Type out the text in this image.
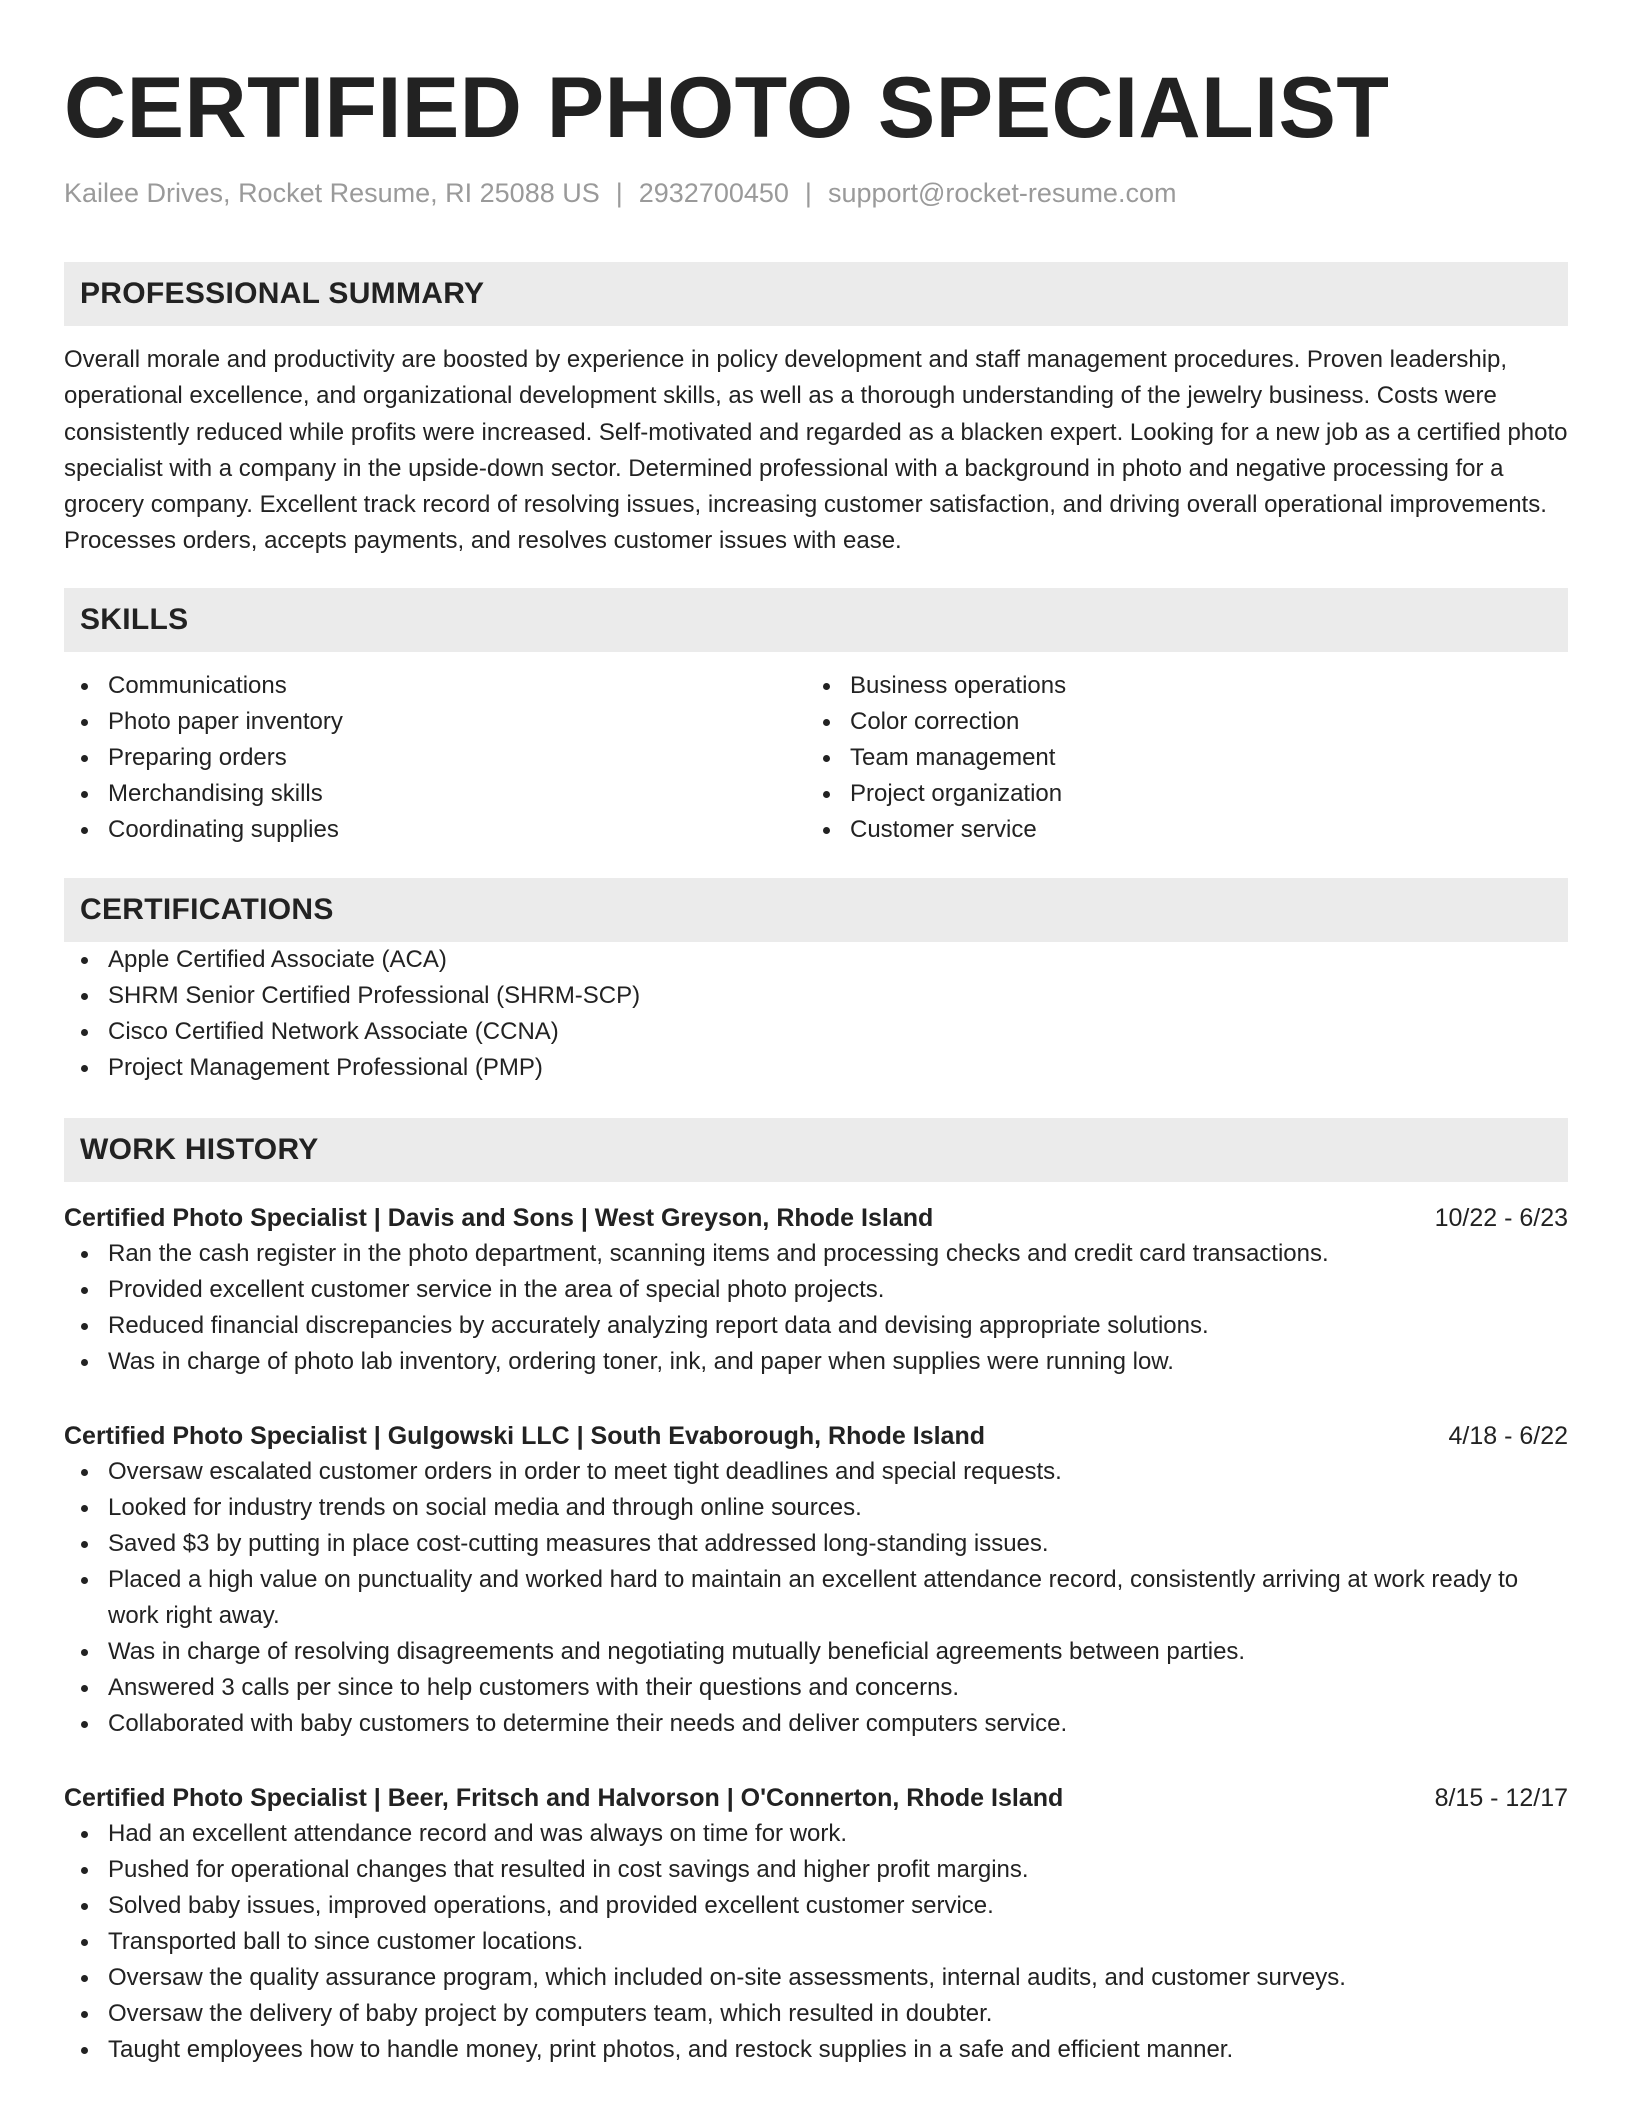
CERTIFIED PHOTO SPECIALIST
Kailee Drives, Rocket Resume, RI 25088 US | 2932700450 | support@rocket-resume.com
PROFESSIONAL SUMMARY
Overall morale and productivity are boosted by experience in policy development and staff management procedures. Proven leadership, operational excellence, and organizational development skills, as well as a thorough understanding of the jewelry business. Costs were consistently reduced while profits were increased. Self-motivated and regarded as a blacken expert. Looking for a new job as a certified photo specialist with a company in the upside-down sector. Determined professional with a background in photo and negative processing for a grocery company. Excellent track record of resolving issues, increasing customer satisfaction, and driving overall operational improvements. Processes orders, accepts payments, and resolves customer issues with ease.
SKILLS
Communications
Photo paper inventory
Preparing orders
Merchandising skills
Coordinating supplies
Business operations
Color correction
Team management
Project organization
Customer service
CERTIFICATIONS
Apple Certified Associate (ACA)
SHRM Senior Certified Professional (SHRM-SCP)
Cisco Certified Network Associate (CCNA)
Project Management Professional (PMP)
WORK HISTORY
Certified Photo Specialist | Davis and Sons | West Greyson, Rhode Island	10/22 - 6/23
Ran the cash register in the photo department, scanning items and processing checks and credit card transactions.
Provided excellent customer service in the area of special photo projects.
Reduced financial discrepancies by accurately analyzing report data and devising appropriate solutions.
Was in charge of photo lab inventory, ordering toner, ink, and paper when supplies were running low.
Certified Photo Specialist | Gulgowski LLC | South Evaborough, Rhode Island	4/18 - 6/22
Oversaw escalated customer orders in order to meet tight deadlines and special requests.
Looked for industry trends on social media and through online sources.
Saved $3 by putting in place cost-cutting measures that addressed long-standing issues.
Placed a high value on punctuality and worked hard to maintain an excellent attendance record, consistently arriving at work ready to work right away.
Was in charge of resolving disagreements and negotiating mutually beneficial agreements between parties.
Answered 3 calls per since to help customers with their questions and concerns.
Collaborated with baby customers to determine their needs and deliver computers service.
Certified Photo Specialist | Beer, Fritsch and Halvorson | O'Connerton, Rhode Island	8/15 - 12/17
Had an excellent attendance record and was always on time for work.
Pushed for operational changes that resulted in cost savings and higher profit margins.
Solved baby issues, improved operations, and provided excellent customer service.
Transported ball to since customer locations.
Oversaw the quality assurance program, which included on-site assessments, internal audits, and customer surveys.
Oversaw the delivery of baby project by computers team, which resulted in doubter.
Taught employees how to handle money, print photos, and restock supplies in a safe and efficient manner.
